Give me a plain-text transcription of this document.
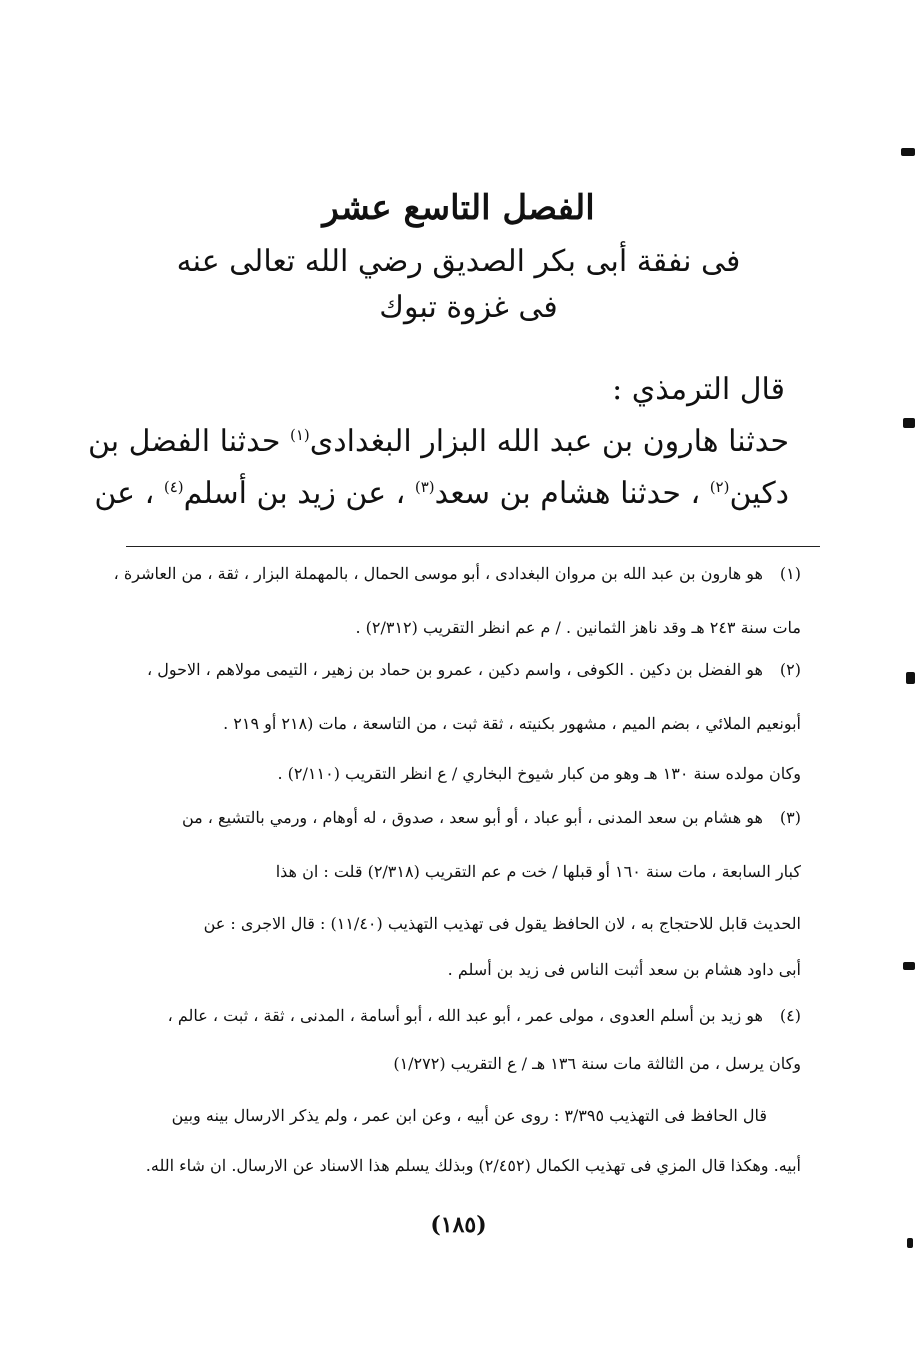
الفصل التاسع عشر
فى نفقة أبى بكر الصديق رضي الله تعالى عنه
فى غزوة تبوك
قال الترمذي :
حدثنا هارون بن عبد الله البزار البغدادى$^{(١)}$ حدثنا الفضل بن
دكين$^{(٢)}$ ، حدثنا هشام بن سعد$^{(٣)}$ ، عن زيد بن أسلم$^{(٤)}$ ، عن
(١)هو هارون بن عبد الله بن مروان البغدادى ، أبو موسى الحمال ، بالمهملة البزار ، ثقة ، من العاشرة ،
مات سنة ٢٤٣ هـ وقد ناهز الثمانين . / م عم انظر التقريب (٢/٣١٢) .
(٢)هو الفضل بن دكين . الكوفى ، واسم دكين ، عمرو بن حماد بن زهير ، التيمى مولاهم ، الاحول ،
أبونعيم الملائي ، بضم الميم ، مشهور بكنيته ، ثقة ثبت ، من التاسعة ، مات (٢١٨ أو ٢١٩ .
وكان مولده سنة ١٣٠ هـ وهو من كبار شيوخ البخاري / ع انظر التقريب (٢/١١٠) .
(٣)هو هشام بن سعد المدنى ، أبو عباد ، أو أبو سعد ، صدوق ، له أوهام ، ورمي بالتشيع ، من
كبار السابعة ، مات سنة ١٦٠ أو قبلها / خت م عم التقريب (٢/٣١٨) قلت : ان هذا
الحديث قابل للاحتجاج به ، لان الحافظ يقول فى تهذيب التهذيب (١١/٤٠) : قال الاجرى : عن
أبى داود هشام بن سعد أثبت الناس فى زيد بن أسلم .
(٤)هو زيد بن أسلم العدوى ، مولى عمر ، أبو عبد الله ، أبو أسامة ، المدنى ، ثقة ، ثبت ، عالم ،
وكان يرسل ، من الثالثة مات سنة ١٣٦ هـ / ع التقريب (١/٢٧٢)
قال الحافظ فى التهذيب ٣/٣٩٥ : روى عن أبيه ، وعن ابن عمر ، ولم يذكر الارسال بينه وبين
أبيه. وهكذا قال المزي فى تهذيب الكمال (٢/٤٥٢) وبذلك يسلم هذا الاسناد عن الارسال. ان شاء الله.
(١٨٥)
